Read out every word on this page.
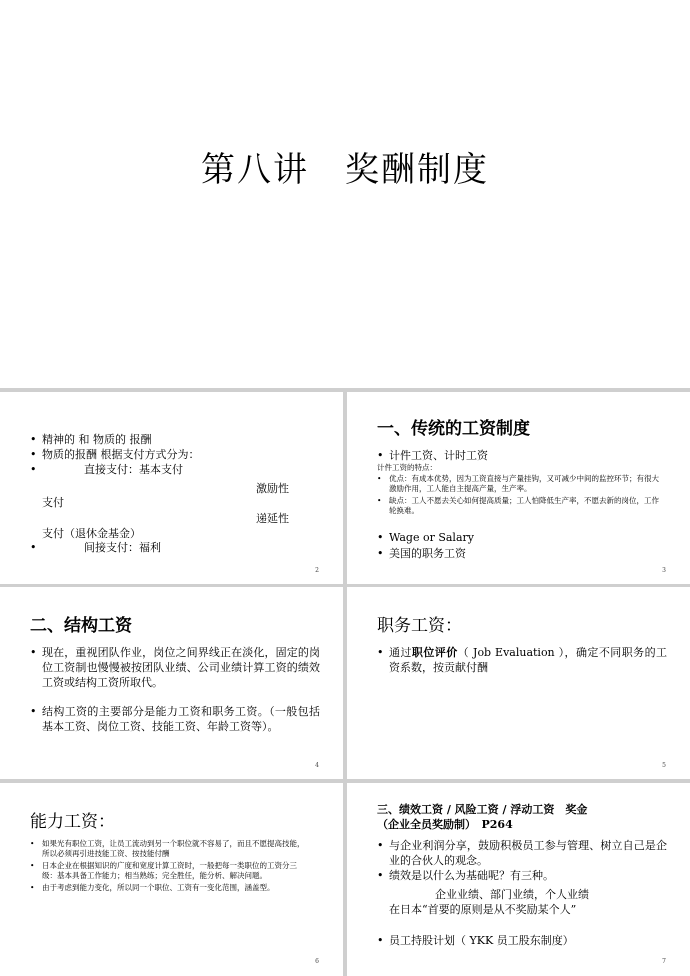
第八讲　奖酬制度
• 精神的 和 物质的 报酬
• 物质的报酬 根据支付方式分为：
• 直接支付：基本支付
激励性
支付
递延性
支付（退休金基金）
• 间接支付：福利
2
一、传统的工资制度
• 计件工资、计时工资
计件工资的特点：
• 优点：有成本优势，因为工资直接与产量挂钩，又可减少中间的监控环节；有很大激励作用，工人能自主提高产量，生产率。
• 缺点：工人不愿去关心如何提高质量；工人怕降低生产率，不愿去新的岗位，工作轮换难。
• Wage or Salary
• 美国的职务工资
3
二、结构工资
• 现在，重视团队作业，岗位之间界线正在淡化，固定的岗位工资制也慢慢被按团队业绩、公司业绩计算工资的绩效工资或结构工资所取代。
• 结构工资的主要部分是能力工资和职务工资。（一般包括基本工资、岗位工资、技能工资、年龄工资等）。
4
职务工资：
• 通过职位评价（ Job Evaluation ），确定不同职务的工资系数，按贡献付酬
5
能力工资：
• 如果光有职位工资，让员工流动到另一个职位就不容易了，而且不愿提高技能，所以必须再引进技能工资、按技能付酬
• 日本企业在根据知识的广度和宽度计算工资时，一般把每一类职位的工资分三级：基本具备工作能力；相当熟练；完全胜任，能分析、解决问题。
• 由于考虑到能力变化，所以同一个职位、工资有一变化范围，涵盖型。
6
三、绩效工资 / 风险工资 / 浮动工资　奖金
（企业全员奖励制）　P264
• 与企业利润分享，鼓励积极员工参与管理、树立自己是企业的合伙人的观念。
• 绩效是以什么为基础呢？有三种。
企业业绩、部门业绩，个人业绩
在日本“首要的原则是从不奖励某个人”
• 员工持股计划（ YKK 员工股东制度）
7
